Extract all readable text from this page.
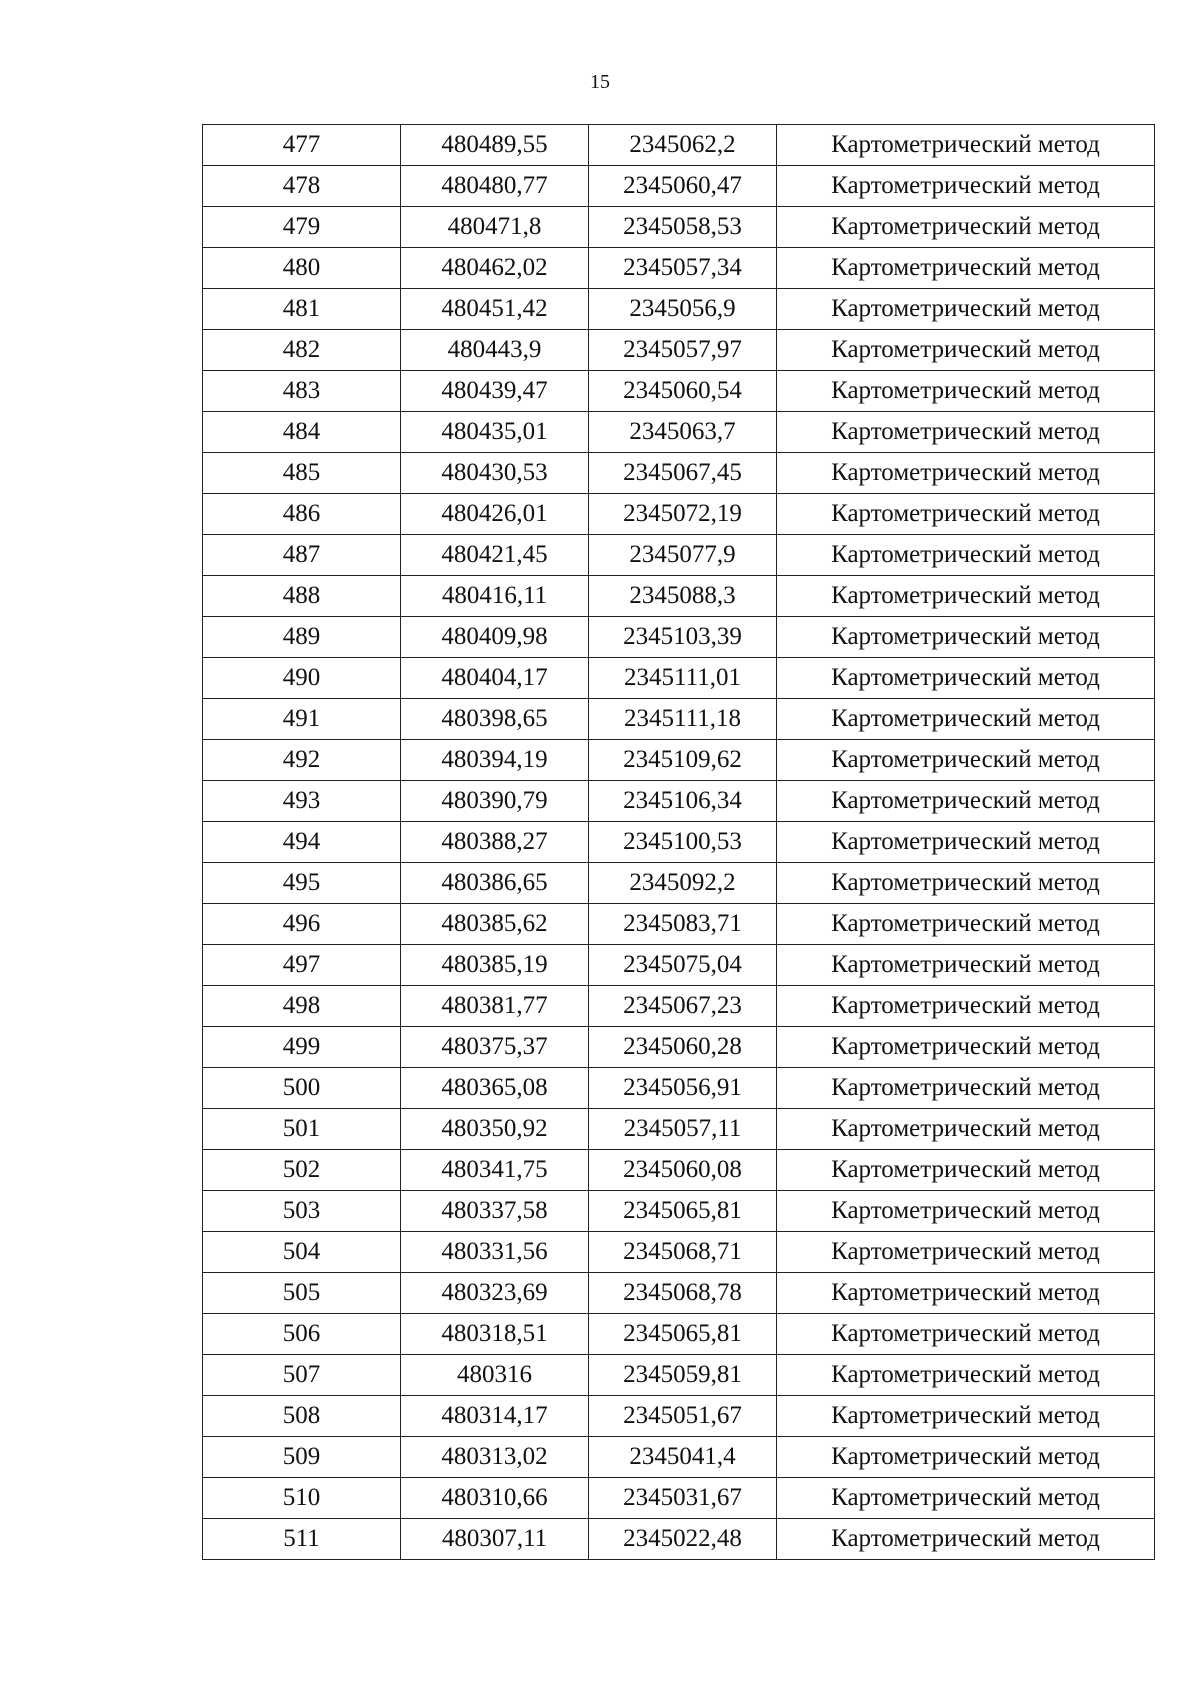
15
477	480489,55	2345062,2	Картометрический метод
478	480480,77	2345060,47	Картометрический метод
479	480471,8	2345058,53	Картометрический метод
480	480462,02	2345057,34	Картометрический метод
481	480451,42	2345056,9	Картометрический метод
482	480443,9	2345057,97	Картометрический метод
483	480439,47	2345060,54	Картометрический метод
484	480435,01	2345063,7	Картометрический метод
485	480430,53	2345067,45	Картометрический метод
486	480426,01	2345072,19	Картометрический метод
487	480421,45	2345077,9	Картометрический метод
488	480416,11	2345088,3	Картометрический метод
489	480409,98	2345103,39	Картометрический метод
490	480404,17	2345111,01	Картометрический метод
491	480398,65	2345111,18	Картометрический метод
492	480394,19	2345109,62	Картометрический метод
493	480390,79	2345106,34	Картометрический метод
494	480388,27	2345100,53	Картометрический метод
495	480386,65	2345092,2	Картометрический метод
496	480385,62	2345083,71	Картометрический метод
497	480385,19	2345075,04	Картометрический метод
498	480381,77	2345067,23	Картометрический метод
499	480375,37	2345060,28	Картометрический метод
500	480365,08	2345056,91	Картометрический метод
501	480350,92	2345057,11	Картометрический метод
502	480341,75	2345060,08	Картометрический метод
503	480337,58	2345065,81	Картометрический метод
504	480331,56	2345068,71	Картометрический метод
505	480323,69	2345068,78	Картометрический метод
506	480318,51	2345065,81	Картометрический метод
507	480316	2345059,81	Картометрический метод
508	480314,17	2345051,67	Картометрический метод
509	480313,02	2345041,4	Картометрический метод
510	480310,66	2345031,67	Картометрический метод
511	480307,11	2345022,48	Картометрический метод
